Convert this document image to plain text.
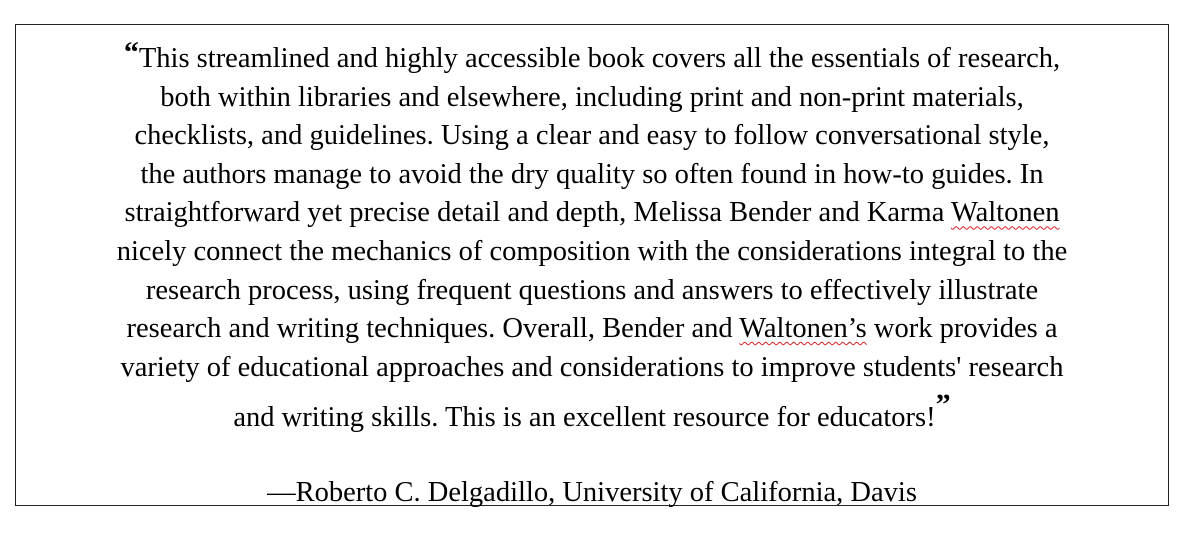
“This streamlined and highly accessible book covers all the essentials of research,
both within libraries and elsewhere, including print and non-print materials,
checklists, and guidelines. Using a clear and easy to follow conversational style,
the authors manage to avoid the dry quality so often found in how-to guides. In
straightforward yet precise detail and depth, Melissa Bender and Karma Waltonen
nicely connect the mechanics of composition with the considerations integral to the
research process, using frequent questions and answers to effectively illustrate
research and writing techniques. Overall, Bender and Waltonen’s work provides a
variety of educational approaches and considerations to improve students' research
and writing skills. This is an excellent resource for educators!”
—Roberto C. Delgadillo, University of California, Davis
